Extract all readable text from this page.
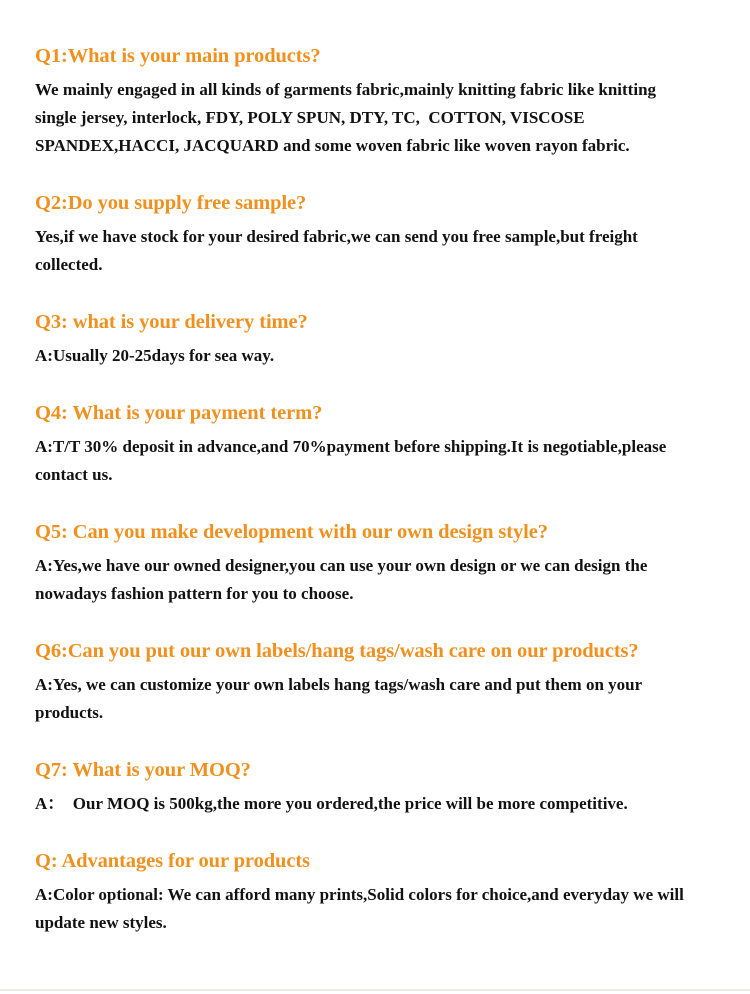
Q1:What is your main products?
We mainly engaged in all kinds of garments fabric,mainly knitting fabric like knitting
single jersey, interlock, FDY, POLY SPUN, DTY, TC,  COTTON, VISCOSE
SPANDEX,HACCI, JACQUARD and some woven fabric like woven rayon fabric.
Q2:Do you supply free sample?
Yes,if we have stock for your desired fabric,we can send you free sample,but freight
collected.
Q3: what is your delivery time?
A:Usually 20-25days for sea way.
Q4: What is your payment term?
A:T/T 30% deposit in advance,and 70%payment before shipping.It is negotiable,please
contact us.
Q5: Can you make development with our own design style?
A:Yes,we have our owned designer,you can use your own design or we can design the
nowadays fashion pattern for you to choose.
Q6:Can you put our own labels/hang tags/wash care on our products?
A:Yes, we can customize your own labels hang tags/wash care and put them on your
products.
Q7: What is your MOQ?
A：  Our MOQ is 500kg,the more you ordered,the price will be more competitive.
Q: Advantages for our products
A:Color optional: We can afford many prints,Solid colors for choice,and everyday we will
update new styles.
